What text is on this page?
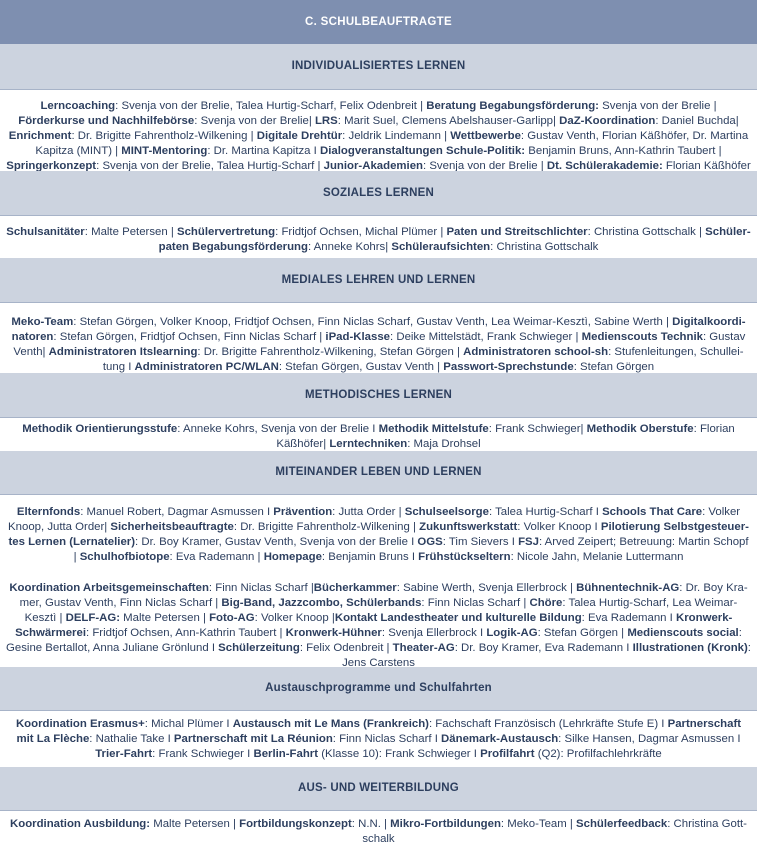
C. SCHULBEAUFTRAGTE
INDIVIDUALISIERTES LERNEN

Lerncoaching: Svenja von der Brelie, Talea Hurtig-Scharf, Felix Odenbreit | Beratung Begabungsförderung: Svenja von der Brelie | Förderkurse und Nachhilfebörse: Svenja von der Brelie| LRS: Marit Suel, Clemens Abelshauser-Garlipp| DaZ-Koordination: Daniel Buchda| Enrichment: Dr. Brigitte Fahrentholz-Wilkening | Digitale Drehtür: Jeldrik Lindemann | Wettbewerbe: Gustav Venth, Florian Käßhöfer, Dr. Martina Kapitza (MINT) | MINT-Mentoring: Dr. Martina Kapitza I Dialogveranstaltungen Schule-Politik: Benjamin Bruns, Ann-Kathrin Taubert | Springerkonzept: Svenja von der Brelie, Talea Hurtig-Scharf | Junior-Akademien: Svenja von der Brelie | Dt. Schülerakademie: Florian Käßhöfer

SOZIALES LERNEN

Schulsanitäter: Malte Petersen | Schülervertretung: Fridtjof Ochsen, Michal Plümer | Paten und Streitschlichter: Christina Gottschalk | Schüler-paten Begabungsförderung: Anneke Kohrs| Schüleraufsichten: Christina Gottschalk

MEDIALES LEHREN UND LERNEN

Meko-Team: Stefan Görgen, Volker Knoop, Fridtjof Ochsen, Finn Niclas Scharf, Gustav Venth, Lea Weimar-Kesztì, Sabine Werth | Digitalkoordi-natoren: Stefan Görgen, Fridtjof Ochsen, Finn Niclas Scharf | iPad-Klasse: Deike Mittelstädt, Frank Schwieger | Medienscouts Technik: Gustav Venth| Administratoren Itslearning: Dr. Brigitte Fahrentholz-Wilkening, Stefan Görgen | Administratoren school-sh: Stufenleitungen, Schullei-tung I Administratoren PC/WLAN: Stefan Görgen, Gustav Venth | Passwort-Sprechstunde: Stefan Görgen

METHODISCHES LERNEN

Methodik Orientierungsstufe: Anneke Kohrs, Svenja von der Brelie I Methodik Mittelstufe: Frank Schwieger| Methodik Oberstufe: Florian Käßhöfer| Lerntechniken: Maja Drohsel

MITEINANDER LEBEN UND LERNEN

Elternfonds: Manuel Robert, Dagmar Asmussen I Prävention: Jutta Order | Schulseelsorge: Talea Hurtig-Scharf I Schools That Care: Volker Knoop, Jutta Order| Sicherheitsbeauftragte: Dr. Brigitte Fahrentholz-Wilkening | Zukunftswerkstatt: Volker Knoop I Pilotierung Selbstgesteuer-tes Lernen (Lernatelier): Dr. Boy Kramer, Gustav Venth, Svenja von der Brelie I OGS: Tim Sievers I FSJ: Arved Zeipert; Betreuung: Martin Schopf | Schulhofbiotope: Eva Rademann | Homepage: Benjamin Bruns I Frühstückseltern: Nicole Jahn, Melanie Luttermann

Koordination Arbeitsgemeinschaften: Finn Niclas Scharf |Bücherkammer: Sabine Werth, Svenja Ellerbrock | Bühnentechnik-AG: Dr. Boy Kra-mer, Gustav Venth, Finn Niclas Scharf | Big-Band, Jazzcombo, Schülerbands: Finn Niclas Scharf | Chöre: Talea Hurtig-Scharf, Lea Weimar-Kesztì | DELF-AG: Malte Petersen | Foto-AG: Volker Knoop |Kontakt Landestheater und kulturelle Bildung: Eva Rademann I Kronwerk-Schwärmerei: Fridtjof Ochsen, Ann-Kathrin Taubert | Kronwerk-Hühner: Svenja Ellerbrock I Logik-AG: Stefan Görgen | Medienscouts social: Gesine Bertallot, Anna Juliane Grönlund I Schülerzeitung: Felix Odenbreit | Theater-AG: Dr. Boy Kramer, Eva Rademann I Illustrationen (Kronk): Jens Carstens

Austauschprogramme und Schulfahrten

Koordination Erasmus+: Michal Plümer I Austausch mit Le Mans (Frankreich): Fachschaft Französisch (Lehrkräfte Stufe E) I Partnerschaft mit La Flèche: Nathalie Take I Partnerschaft mit La Réunion: Finn Niclas Scharf I Dänemark-Austausch: Silke Hansen, Dagmar Asmussen I Trier-Fahrt: Frank Schwieger I Berlin-Fahrt (Klasse 10): Frank Schwieger I Profilfahrt (Q2): Profilfachlehrkräfte

AUS- UND WEITERBILDUNG

Koordination Ausbildung: Malte Petersen | Fortbildungskonzept: N.N. | Mikro-Fortbildungen: Meko-Team | Schülerfeedback: Christina Gott-schalk
